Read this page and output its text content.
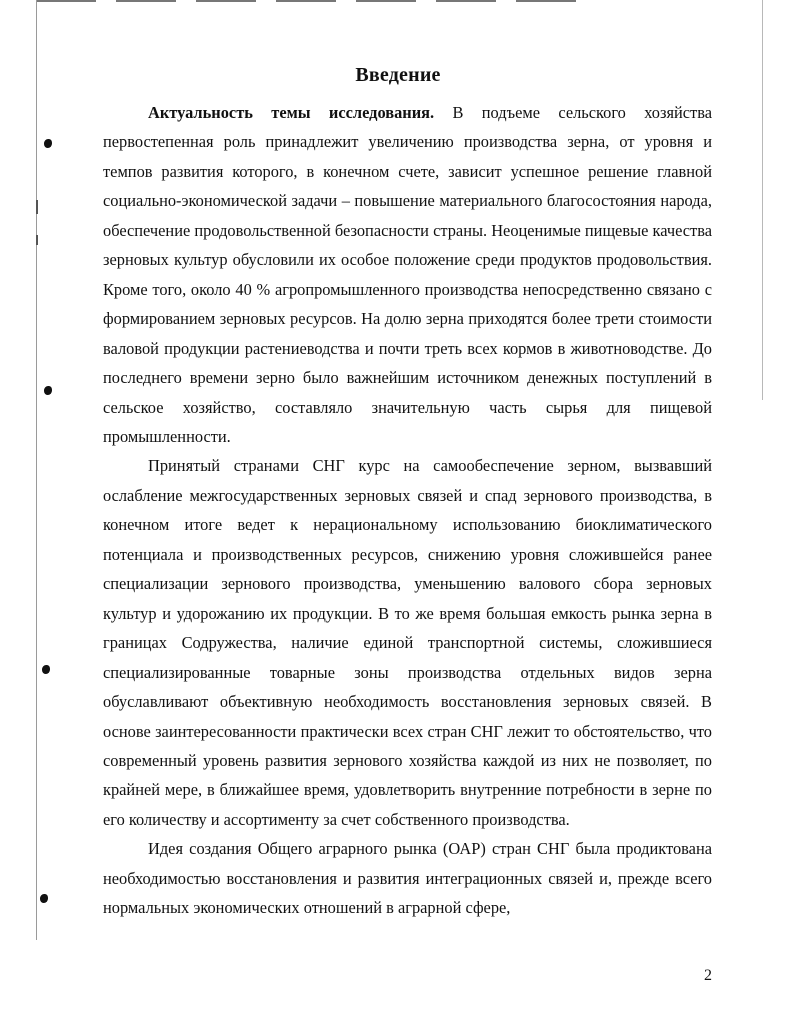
Введение

Актуальность темы исследования. В подъеме сельского хозяйства первостепенная роль принадлежит увеличению производства зерна, от уровня и темпов развития которого, в конечном счете, зависит успешное решение главной социально-экономической задачи – повышение материального благосостояния народа, обеспечение продовольственной безопасности страны. Неоценимые пищевые качества зерновых культур обусловили их особое положение среди продуктов продовольствия. Кроме того, около 40 % агропромышленного производства непосредственно связано с формированием зерновых ресурсов. На долю зерна приходятся более трети стоимости валовой продукции растениеводства и почти треть всех кормов в животноводстве. До последнего времени зерно было важнейшим источником денежных поступлений в сельское хозяйство, составляло значительную часть сырья для пищевой промышленности.

Принятый странами СНГ курс на самообеспечение зерном, вызвавший ослабление межгосударственных зерновых связей и спад зернового производства, в конечном итоге ведет к нерациональному использованию биоклиматического потенциала и производственных ресурсов, снижению уровня сложившейся ранее специализации зернового производства, уменьшению валового сбора зерновых культур и удорожанию их продукции. В то же время большая емкость рынка зерна в границах Содружества, наличие единой транспортной системы, сложившиеся специализированные товарные зоны производства отдельных видов зерна обуславливают объективную необходимость восстановления зерновых связей. В основе заинтересованности практически всех стран СНГ лежит то обстоятельство, что современный уровень развития зернового хозяйства каждой из них не позволяет, по крайней мере, в ближайшее время, удовлетворить внутренние потребности в зерне по его количеству и ассортименту за счет собственного производства.

Идея создания Общего аграрного рынка (ОАР) стран СНГ была продиктована необходимостью восстановления и развития интеграционных связей и, прежде всего нормальных экономических отношений в аграрной сфере,

2
